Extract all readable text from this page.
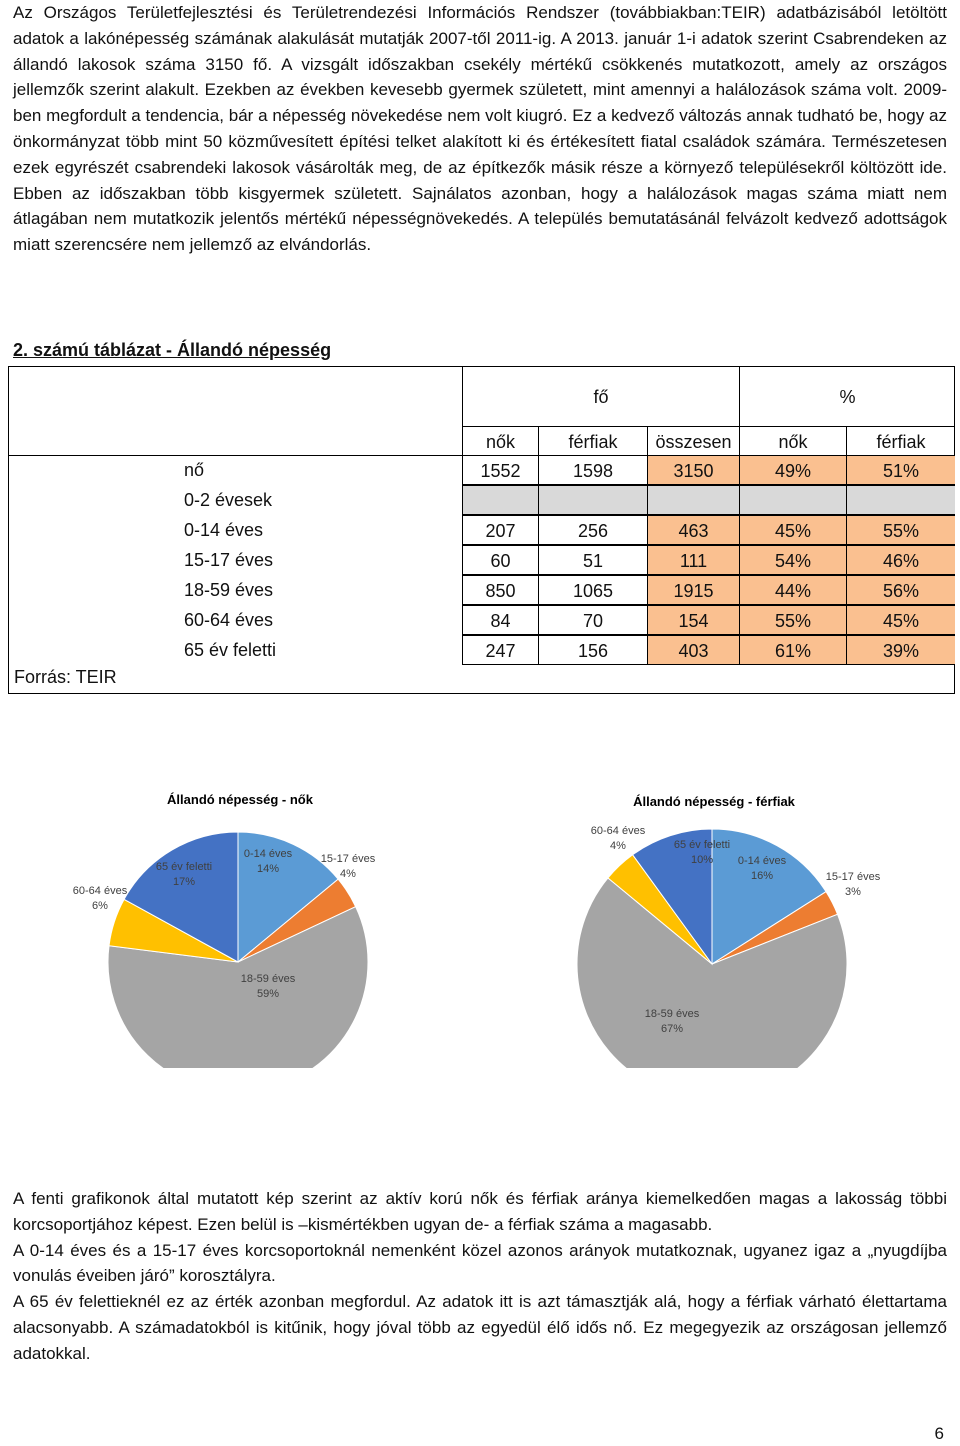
Az Országos Területfejlesztési és Területrendezési Információs Rendszer (továbbiakban:TEIR) adatbázisából letöltött adatok a lakónépesség számának alakulását mutatják 2007-től 2011-ig. A 2013. január 1-i adatok szerint Csabrendeken az állandó lakosok száma 3150 fő. A vizsgált időszakban csekély mértékű csökkenés mutatkozott, amely az országos jellemzők szerint alakult. Ezekben az években kevesebb gyermek született, mint amennyi a halálozások száma volt. 2009-ben megfordult a tendencia, bár a népesség növekedése nem volt kiugró. Ez a kedvező változás annak tudható be, hogy az önkormányzat több mint 50 közművesített építési telket alakított ki és értékesített fiatal családok számára. Természetesen ezek egyrészét csabrendeki lakosok vásárolták meg, de az építkezők másik része a környező településekről költözött ide. Ebben az időszakban több kisgyermek született. Sajnálatos azonban, hogy a halálozások magas száma miatt nem átlagában nem mutatkozik jelentős mértékű népességnövekedés. A település bemutatásánál felvázolt kedvező adottságok miatt szerencsére nem jellemző az elvándorlás.

2. számú táblázat - Állandó népesség

fő	%
nők	férfiak	összesen	nők	férfiak
nő	1552	1598	3150	49%	51%
0-2 évesek
0-14 éves	207	256	463	45%	55%
15-17 éves	60	51	111	54%	46%
18-59 éves	850	1065	1915	44%	56%
60-64 éves	84	70	154	55%	45%
65 év feletti	247	156	403	61%	39%
Forrás: TEIR
Állandó népesség - nők
0-14 éves 14%
15-17 éves 4%
18-59 éves 59%
60-64 éves 6%
65 év feletti 17%
Állandó népesség - férfiak
0-14 éves 16%	15-17 éves 3%
18-59 éves 67%
60-64 éves 4%	65 év feletti 10%
A fenti grafikonok által mutatott kép szerint az aktív korú nők és férfiak aránya kiemelkedően magas a lakosság többi korcsoportjához képest. Ezen belül is –kismértékben ugyan de- a férfiak száma a magasabb.
A 0-14 éves és a 15-17 éves korcsoportoknál nemenként közel azonos arányok mutatkoznak, ugyanez igaz a „nyugdíjba vonulás éveiben járó” korosztályra.
A 65 év felettieknél ez az érték azonban megfordul. Az adatok itt is azt támasztják alá, hogy a férfiak várható élettartama alacsonyabb. A számadatokból is kitűnik, hogy jóval több az egyedül élő idős nő. Ez megegyezik az országosan jellemző adatokkal.
6
